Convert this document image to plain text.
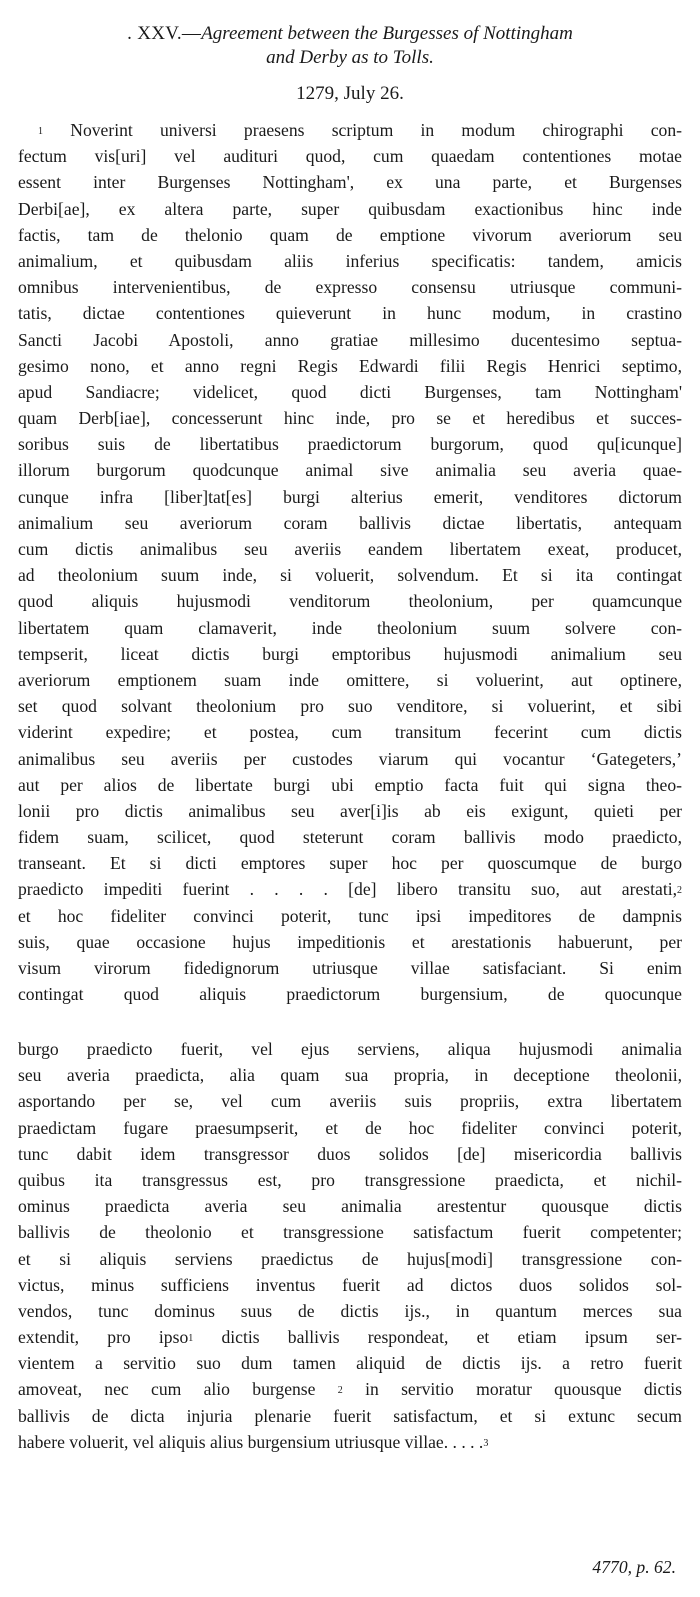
. XXV.—Agreement between the Burgesses of Nottingham
and Derby as to Tolls.
1279, July 26.
$^1$ Noverint universi praesens scriptum in modum chirographi con-
fectum vis[uri] vel audituri quod, cum quaedam contentiones motae
essent inter Burgenses Nottingham', ex una parte, et Burgenses
Derbi[ae], ex altera parte, super quibusdam exactionibus hinc inde
factis, tam de thelonio quam de emptione vivorum averiorum seu
animalium, et quibusdam aliis inferius specificatis: tandem, amicis
omnibus intervenientibus, de expresso consensu utriusque communi-
tatis, dictae contentiones quieverunt in hunc modum, in crastino
Sancti Jacobi Apostoli, anno gratiae millesimo ducentesimo septua-
gesimo nono, et anno regni Regis Edwardi filii Regis Henrici septimo,
apud Sandiacre; videlicet, quod dicti Burgenses, tam Nottingham'
quam Derb[iae], concesserunt hinc inde, pro se et heredibus et succes-
soribus suis de libertatibus praedictorum burgorum, quod qu[icunque]
illorum burgorum quodcunque animal sive animalia seu averia quae-
cunque infra [liber]tat[es] burgi alterius emerit, venditores dictorum
animalium seu averiorum coram ballivis dictae libertatis, antequam
cum dictis animalibus seu averiis eandem libertatem exeat, producet,
ad theolonium suum inde, si voluerit, solvendum. Et si ita contingat
quod aliquis hujusmodi venditorum theolonium, per quamcunque
libertatem quam clamaverit, inde theolonium suum solvere con-
tempserit, liceat dictis burgi emptoribus hujusmodi animalium seu
averiorum emptionem suam inde omittere, si voluerint, aut optinere,
set quod solvant theolonium pro suo venditore, si voluerint, et sibi
viderint expedire; et postea, cum transitum fecerint cum dictis
animalibus seu averiis per custodes viarum qui vocantur ‘Gategeters,’
aut per alios de libertate burgi ubi emptio facta fuit qui signa theo-
lonii pro dictis animalibus seu aver[i]is ab eis exigunt, quieti per
fidem suam, scilicet, quod steterunt coram ballivis modo praedicto,
transeant. Et si dicti emptores super hoc per quoscumque de burgo
praedicto impediti fuerint . . . . [de] libero transitu suo, aut arestati,$^2$
et hoc fideliter convinci poterit, tunc ipsi impeditores de dampnis
suis, quae occasione hujus impeditionis et arestationis habuerunt, per
visum virorum fidedignorum utriusque villae satisfaciant. Si enim
contingat quod aliquis praedictorum burgensium, de quocunque
burgo praedicto fuerit, vel ejus serviens, aliqua hujusmodi animalia
seu averia praedicta, alia quam sua propria, in deceptione theolonii,
asportando per se, vel cum averiis suis propriis, extra libertatem
praedictam fugare praesumpserit, et de hoc fideliter convinci poterit,
tunc dabit idem transgressor duos solidos [de] misericordia ballivis
quibus ita transgressus est, pro transgressione praedicta, et nichil-
ominus praedicta averia seu animalia arestentur quousque dictis
ballivis de theolonio et transgressione satisfactum fuerit competenter;
et si aliquis serviens praedictus de hujus[modi] transgressione con-
victus, minus sufficiens inventus fuerit ad dictos duos solidos sol-
vendos, tunc dominus suus de dictis ijs., in quantum merces sua
extendit, pro ipso$^1$ dictis ballivis respondeat, et etiam ipsum ser-
vientem a servitio suo dum tamen aliquid de dictis ijs. a retro fuerit
amoveat, nec cum alio burgense $^2$ in servitio moratur quousque dictis
ballivis de dicta injuria plenarie fuerit satisfactum, et si extunc secum
habere voluerit, vel aliquis alius burgensium utriusque villae. . . . .$^3$
4770, p. 62.
